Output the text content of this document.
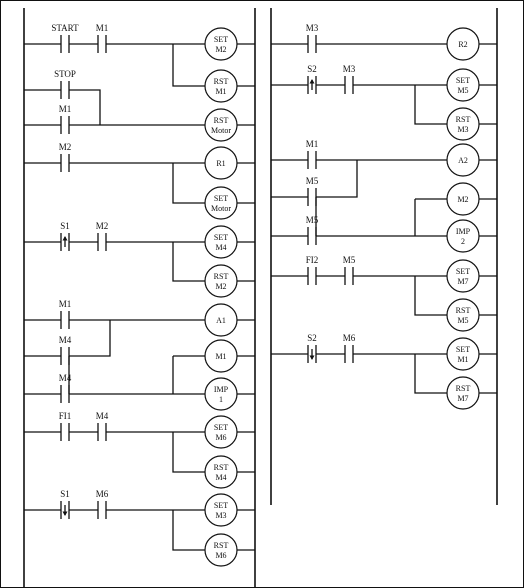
START M1
STOP
M1
M2
S1	M2
M1
M4
M4
FI1	M4
S1	M6
M3
S2	M3
M1
M5
M5
FI2	M5
S2	M6
SET
M2
RST
M1
RST
Motor
R1
SET
Motor
SET
M4
RST
M2
A1
M1
IMP
1
SET
M6
RST
M4
SET
M3
RST
M6
R2
SET
M5
RST
M3
A2
M2
IMP
2
SET
M7
RST
M5
SET
M1
RST
M7
